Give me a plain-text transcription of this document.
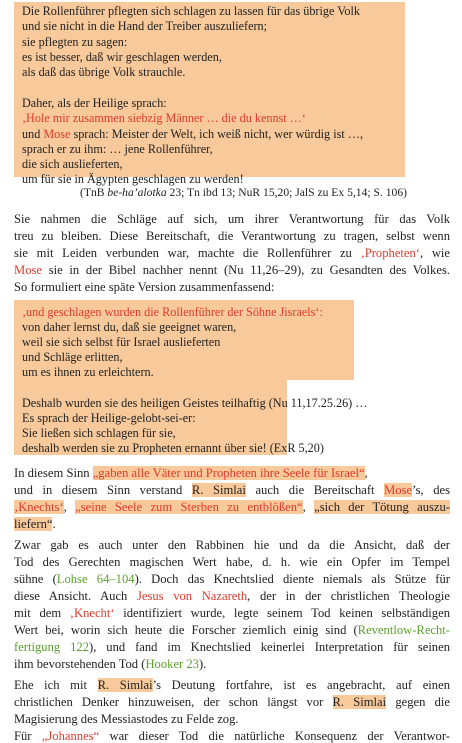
Die Rollenführer pflegten sich schlagen zu lassen für das übrige Volk
und sie nicht in die Hand der Treiber auszuliefern;
sie pflegten zu sagen:
es ist besser, daß wir geschlagen werden,
als daß das übrige Volk strauchle.
Daher, als der Heilige sprach:
‚Hole mir zusammen siebzig Männer … die du kennst …‘
und Mose sprach: Meister der Welt, ich weiß nicht, wer würdig ist …,
sprach er zu ihm: … jene Rollenführer,
die sich auslieferten,
um für sie in Ägypten geschlagen zu werden!
(TnB be-ha’alotka 23; Tn ibd 13; NuR 15,20; JalS zu Ex 5,14; S. 106)
Sie nahmen die Schläge auf sich, um ihrer Verantwortung für das Volk
treu zu bleiben. Diese Bereitschaft, die Verantwortung zu tragen, selbst wenn
sie mit Leiden verbunden war, machte die Rollenführer zu ‚Propheten‘, wie
Mose sie in der Bibel nachher nennt (Nu 11,26–29), zu Gesandten des Volkes.
So formuliert eine späte Version zusammenfassend:
‚und geschlagen wurden die Rollenführer der Söhne Jisraels‘:
von daher lernst du, daß sie geeignet waren,
weil sie sich selbst für Israel auslieferten
und Schläge erlitten,
um es ihnen zu erleichtern.
Deshalb wurden sie des heiligen Geistes teilhaftig (Nu 11,17.25.26) …
Es sprach der Heilige-gelobt-sei-er:
Sie ließen sich schlagen für sie,
deshalb werden sie zu Propheten ernannt über sie! (ExR 5,20)
In diesem Sinn „gaben alle Väter und Propheten ihre Seele für Israel“,
und in diesem Sinn verstand R. Simlai auch die Bereitschaft Mose’s, des
‚Knechts‘, „seine Seele zum Sterben zu entblößen“, „sich der Tötung auszu-
liefern“.
Zwar gab es auch unter den Rabbinen hie und da die Ansicht, daß der
Tod des Gerechten magischen Wert habe, d. h. wie ein Opfer im Tempel
sühne (Lohse 64–104). Doch das Knechtslied diente niemals als Stütze für
diese Ansicht. Auch Jesus von Nazareth, der in der christlichen Theologie
mit dem ‚Knecht‘ identifiziert wurde, legte seinem Tod keinen selbständigen
Wert bei, worin sich heute die Forscher ziemlich einig sind (Reventlow-Recht-
fertigung 122), und fand im Knechtslied keinerlei Interpretation für seinen
ihm bevorstehenden Tod (Hooker 23).
Ehe ich mit R. Simlai’s Deutung fortfahre, ist es angebracht, auf einen
christlichen Denker hinzuweisen, der schon längst vor R. Simlai gegen die
Magisierung des Messiastodes zu Felde zog.
Für „Johannes“ war dieser Tod die natürliche Konsequenz der Verantwor-
